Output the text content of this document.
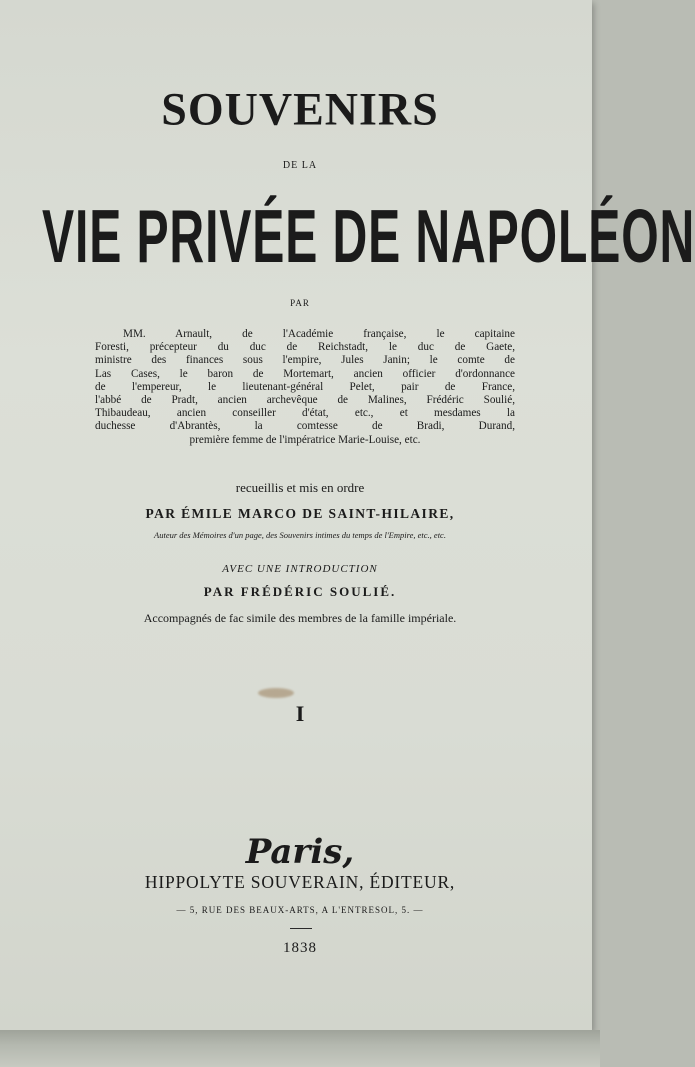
SOUVENIRS
DE LA
VIE PRIVÉE DE NAPOLÉON
PAR
MM. Arnault, de l'Académie française, le capitaine
Foresti, précepteur du duc de Reichstadt, le duc de Gaete,
ministre des finances sous l'empire, Jules Janin; le comte de
Las Cases, le baron de Mortemart, ancien officier d'ordonnance
de l'empereur, le lieutenant-général Pelet, pair de France,
l'abbé de Pradt, ancien archevêque de Malines, Frédéric Soulié,
Thibaudeau, ancien conseiller d'état, etc., et mesdames la
duchesse d'Abrantès, la comtesse de Bradi, Durand,
première femme de l'impératrice Marie-Louise, etc.
recueillis et mis en ordre
PAR ÉMILE MARCO DE SAINT-HILAIRE,
Auteur des Mémoires d'un page, des Souvenirs intimes du temps de l'Empire, etc., etc.
AVEC UNE INTRODUCTION
PAR FRÉDÉRIC SOULIÉ.
Accompagnés de fac simile des membres de la famille impériale.
I
Paris,
HIPPOLYTE SOUVERAIN, ÉDITEUR,
— 5, RUE DES BEAUX-ARTS, A L'ENTRESOL, 5. —
1838
